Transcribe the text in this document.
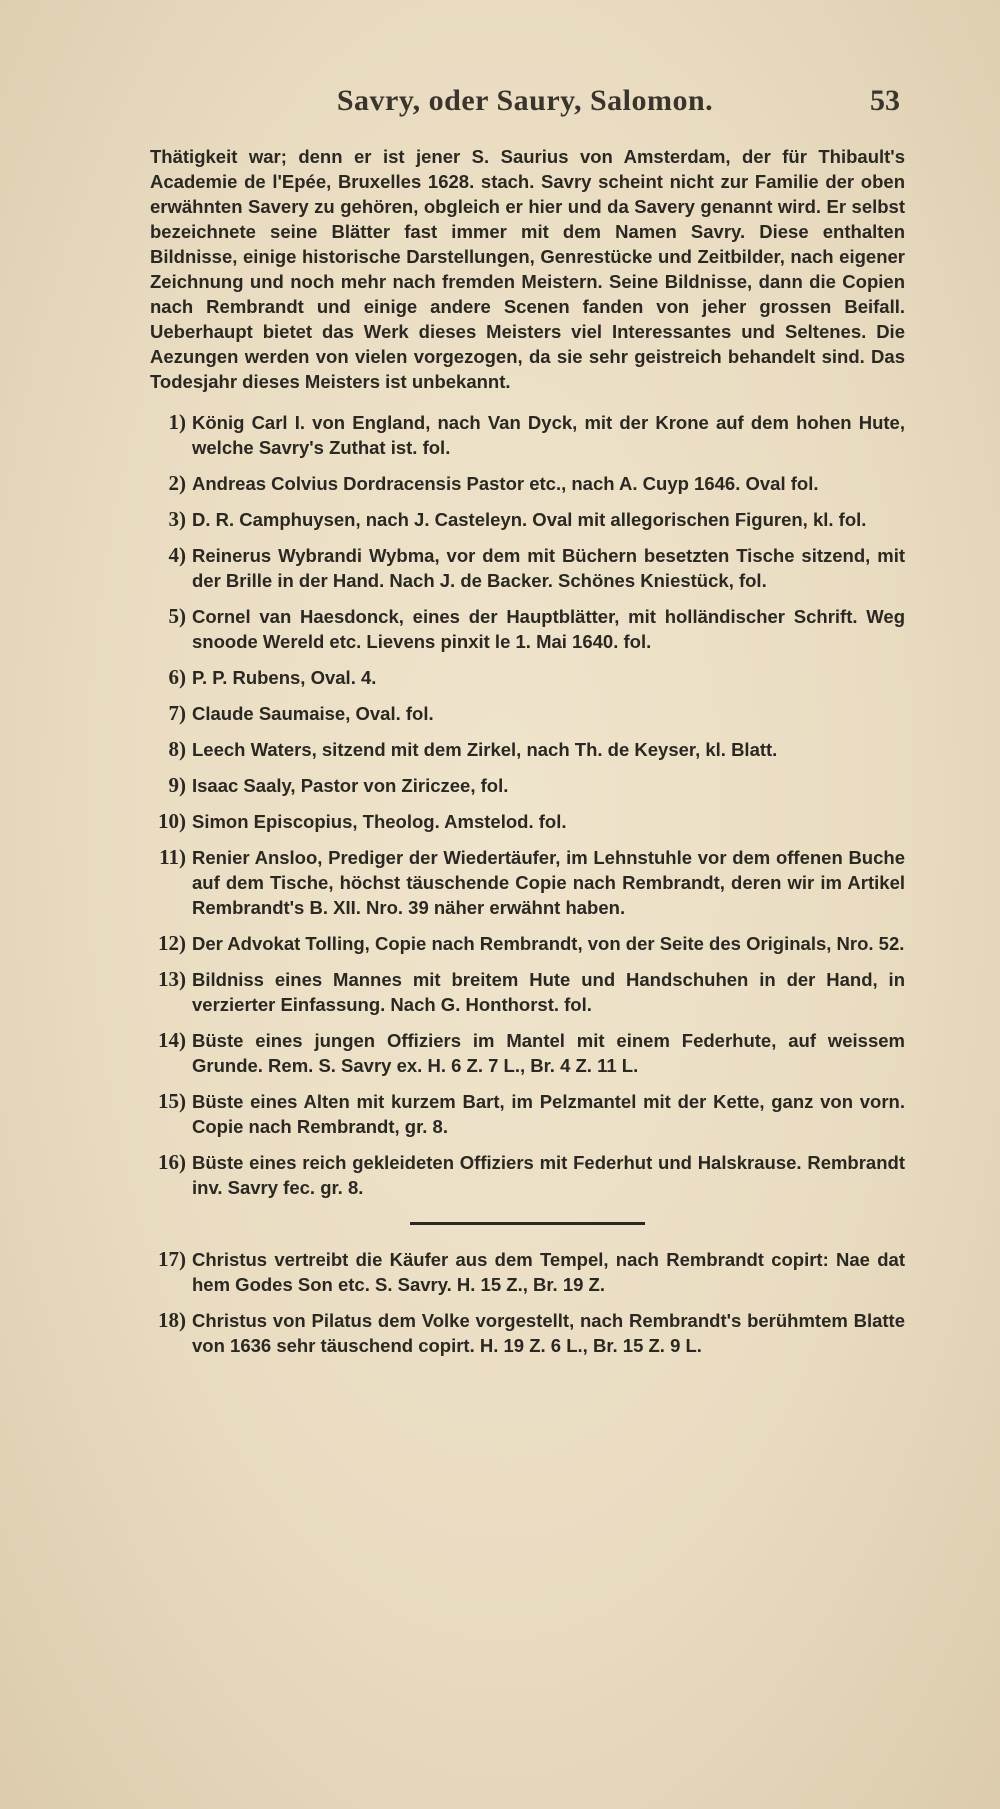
Savry, oder Saury, Salomon.	53

Thätigkeit war; denn er ist jener S. Saurius von Amsterdam, der für Thibault's Academie de l'Epée, Bruxelles 1628. stach. Savry scheint nicht zur Familie der oben erwähnten Savery zu gehören, obgleich er hier und da Savery genannt wird. Er selbst bezeichnete seine Blätter fast immer mit dem Namen Savry. Diese enthalten Bildnisse, einige historische Darstellungen, Genrestücke und Zeitbilder, nach eigener Zeichnung und noch mehr nach fremden Meistern. Seine Bildnisse, dann die Copien nach Rembrandt und einige andere Scenen fanden von jeher grossen Beifall. Ueberhaupt bietet das Werk dieses Meisters viel Interessantes und Seltenes. Die Aezungen werden von vielen vorgezogen, da sie sehr geistreich behandelt sind. Das Todesjahr dieses Meisters ist unbekannt.

1) König Carl I. von England, nach Van Dyck, mit der Krone auf dem hohen Hute, welche Savry's Zuthat ist. fol.
2) Andreas Colvius Dordracensis Pastor etc., nach A. Cuyp 1646. Oval fol.
3) D. R. Camphuysen, nach J. Casteleyn. Oval mit allegorischen Figuren, kl. fol.
4) Reinerus Wybrandi Wybma, vor dem mit Büchern besetzten Tische sitzend, mit der Brille in der Hand. Nach J. de Backer. Schönes Kniestück, fol.
5) Cornel van Haesdonck, eines der Hauptblätter, mit holländischer Schrift. Weg snoode Wereld etc. Lievens pinxit le 1. Mai 1640. fol.
6) P. P. Rubens, Oval. 4.
7) Claude Saumaise, Oval. fol.
8) Leech Waters, sitzend mit dem Zirkel, nach Th. de Keyser, kl. Blatt.
9) Isaac Saaly, Pastor von Ziriczee, fol.
10) Simon Episcopius, Theolog. Amstelod. fol.
11) Renier Ansloo, Prediger der Wiedertäufer, im Lehnstuhle vor dem offenen Buche auf dem Tische, höchst täuschende Copie nach Rembrandt, deren wir im Artikel Rembrandt's B. XII. Nro. 39 näher erwähnt haben.
12) Der Advokat Tolling, Copie nach Rembrandt, von der Seite des Originals, Nro. 52.
13) Bildniss eines Mannes mit breitem Hute und Handschuhen in der Hand, in verzierter Einfassung. Nach G. Honthorst. fol.
14) Büste eines jungen Offiziers im Mantel mit einem Federhute, auf weissem Grunde. Rem. S. Savry ex. H. 6 Z. 7 L., Br. 4 Z. 11 L.
15) Büste eines Alten mit kurzem Bart, im Pelzmantel mit der Kette, ganz von vorn. Copie nach Rembrandt, gr. 8.
16) Büste eines reich gekleideten Offiziers mit Federhut und Halskrause. Rembrandt inv. Savry fec. gr. 8.
17) Christus vertreibt die Käufer aus dem Tempel, nach Rembrandt copirt: Nae dat hem Godes Son etc. S. Savry. H. 15 Z., Br. 19 Z.
18) Christus von Pilatus dem Volke vorgestellt, nach Rembrandt's berühmtem Blatte von 1636 sehr täuschend copirt. H. 19 Z. 6 L., Br. 15 Z. 9 L.
